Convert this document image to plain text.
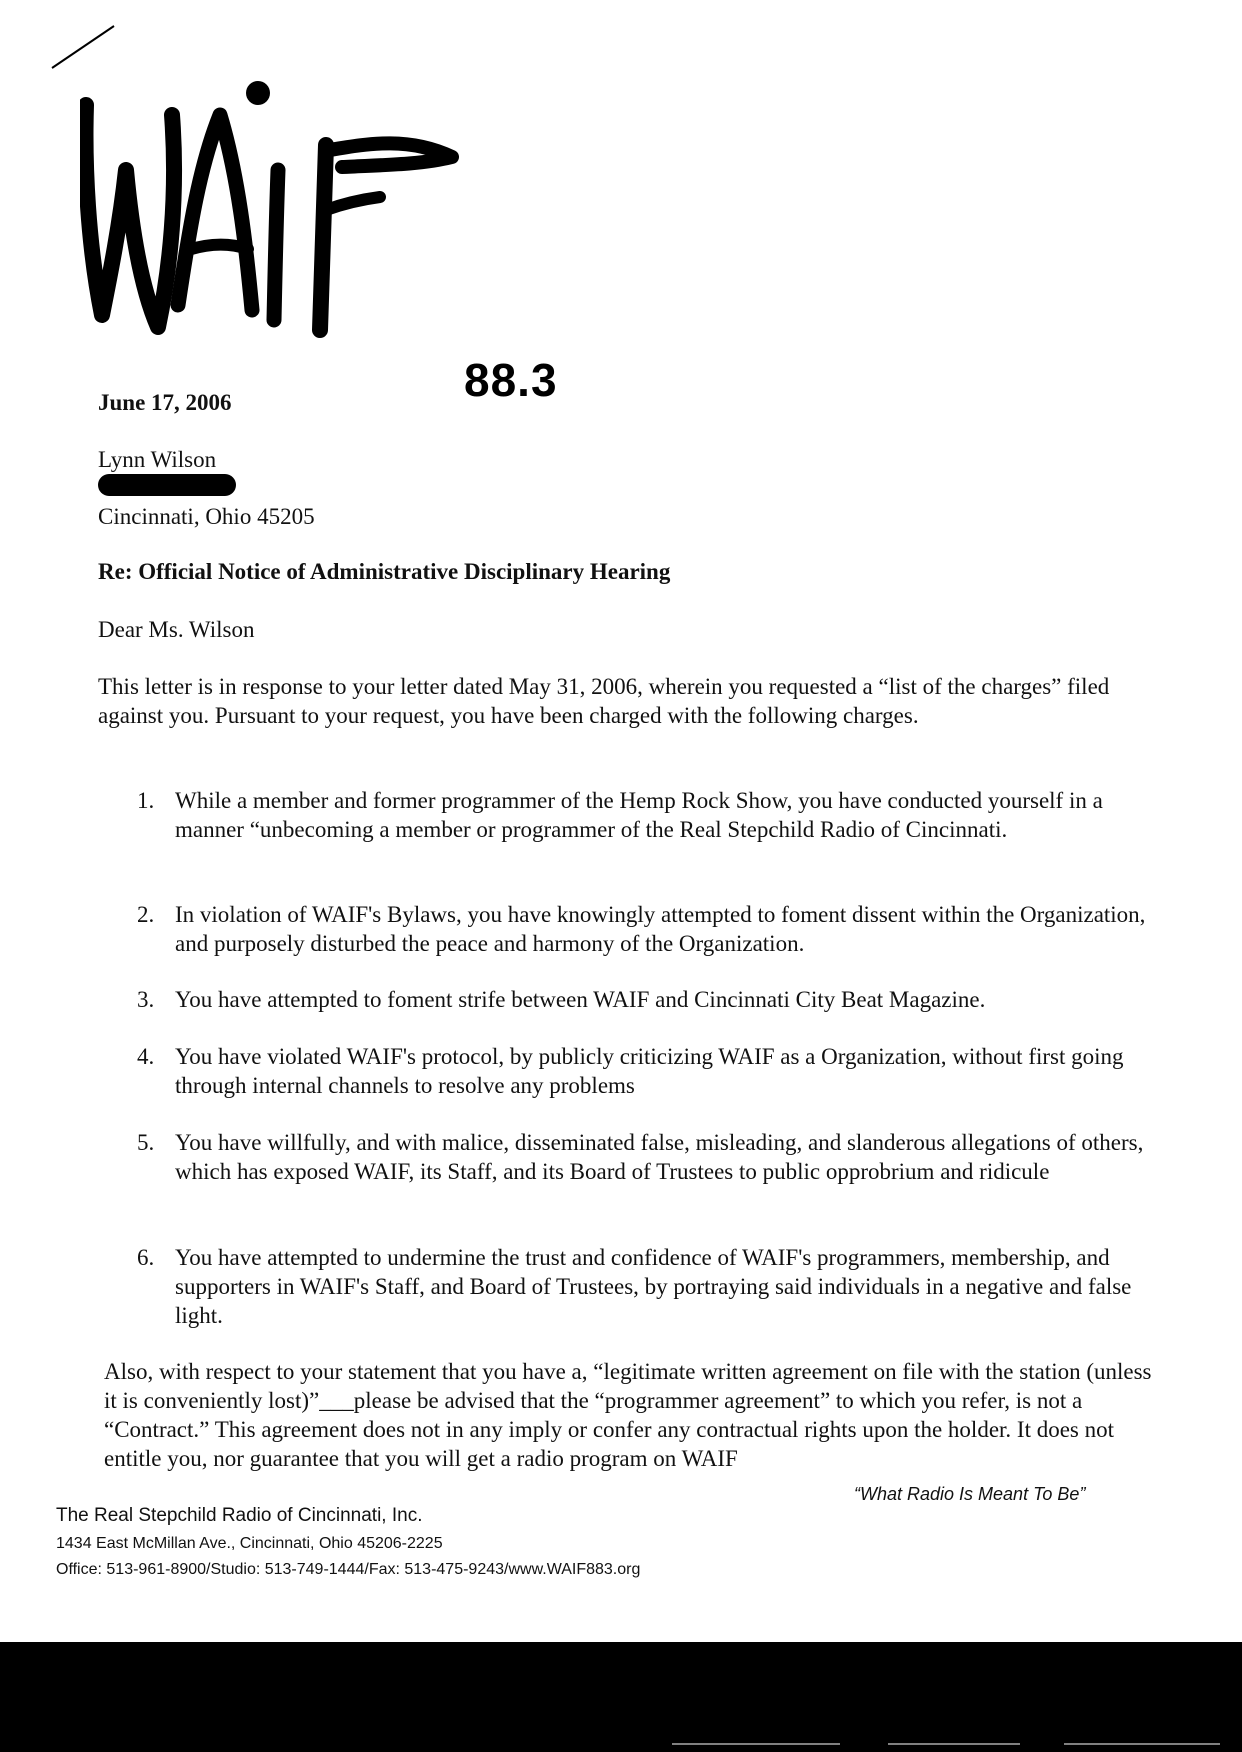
88.3
June 17, 2006
Lynn Wilson
Cincinnati, Ohio 45205
Re: Official Notice of Administrative Disciplinary Hearing
Dear Ms. Wilson
This letter is in response to your letter dated May 31, 2006, wherein you requested a “list of the charges” filed against you. Pursuant to your request, you have been charged with the following charges.
1. While a member and former programmer of the Hemp Rock Show, you have conducted yourself in a manner “unbecoming a member or programmer of the Real Stepchild Radio of Cincinnati.
2. In violation of WAIF's Bylaws, you have knowingly attempted to foment dissent within the Organization, and purposely disturbed the peace and harmony of the Organization.
3. You have attempted to foment strife between WAIF and Cincinnati City Beat Magazine.
4. You have violated WAIF's protocol, by publicly criticizing WAIF as a Organization, without first going through internal channels to resolve any problems
5. You have willfully, and with malice, disseminated false, misleading, and slanderous allegations of others, which has exposed WAIF, its Staff, and its Board of Trustees to public opprobrium and ridicule
6. You have attempted to undermine the trust and confidence of WAIF's programmers, membership, and supporters in WAIF's Staff, and Board of Trustees, by portraying said individuals in a negative and false light.
Also, with respect to your statement that you have a, “legitimate written agreement on file with the station (unless it is conveniently lost)”___please be advised that the “programmer agreement” to which you refer, is not a “Contract.” This agreement does not in any imply or confer any contractual rights upon the holder. It does not entitle you, nor guarantee that you will get a radio program on WAIF
“What Radio Is Meant To Be”
The Real Stepchild Radio of Cincinnati, Inc.
1434 East McMillan Ave., Cincinnati, Ohio 45206-2225
Office: 513-961-8900/Studio: 513-749-1444/Fax: 513-475-9243/www.WAIF883.org
